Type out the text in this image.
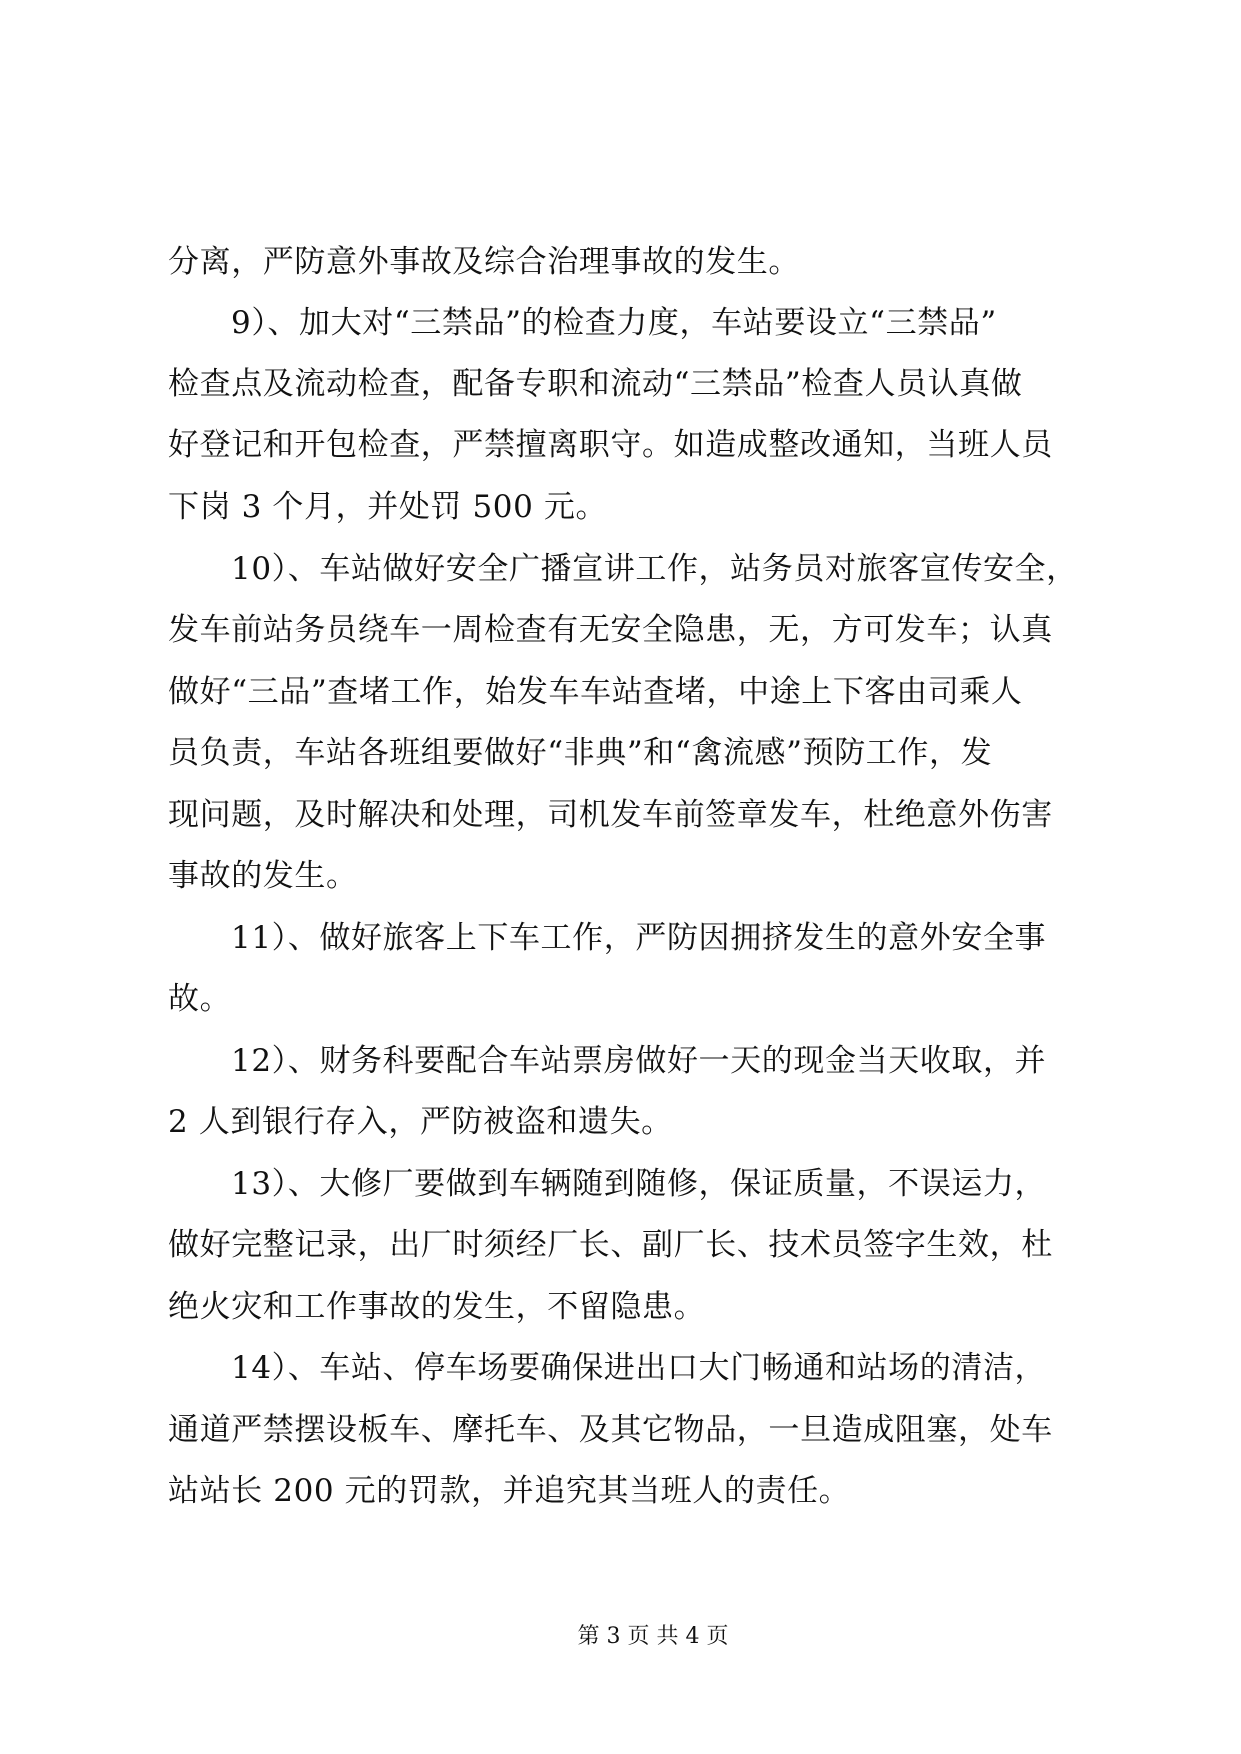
分离，严防意外事故及综合治理事故的发生。
9）、加大对“三禁品”的检查力度，车站要设立“三禁品”
检查点及流动检查，配备专职和流动“三禁品”检查人员认真做
好登记和开包检查，严禁擅离职守。如造成整改通知，当班人员
下岗 3 个月，并处罚 500 元。
10）、车站做好安全广播宣讲工作，站务员对旅客宣传安全，
发车前站务员绕车一周检查有无安全隐患，无，方可发车；认真
做好“三品”查堵工作，始发车车站查堵，中途上下客由司乘人
员负责，车站各班组要做好“非典”和“禽流感”预防工作，发
现问题，及时解决和处理，司机发车前签章发车，杜绝意外伤害
事故的发生。
11）、做好旅客上下车工作，严防因拥挤发生的意外安全事
故。
12）、财务科要配合车站票房做好一天的现金当天收取，并
2 人到银行存入，严防被盗和遗失。
13）、大修厂要做到车辆随到随修，保证质量，不误运力，
做好完整记录，出厂时须经厂长、副厂长、技术员签字生效，杜
绝火灾和工作事故的发生，不留隐患。
14）、车站、停车场要确保进出口大门畅通和站场的清洁，
通道严禁摆设板车、摩托车、及其它物品，一旦造成阻塞，处车
站站长 200 元的罚款，并追究其当班人的责任。
第 3 页 共 4 页
